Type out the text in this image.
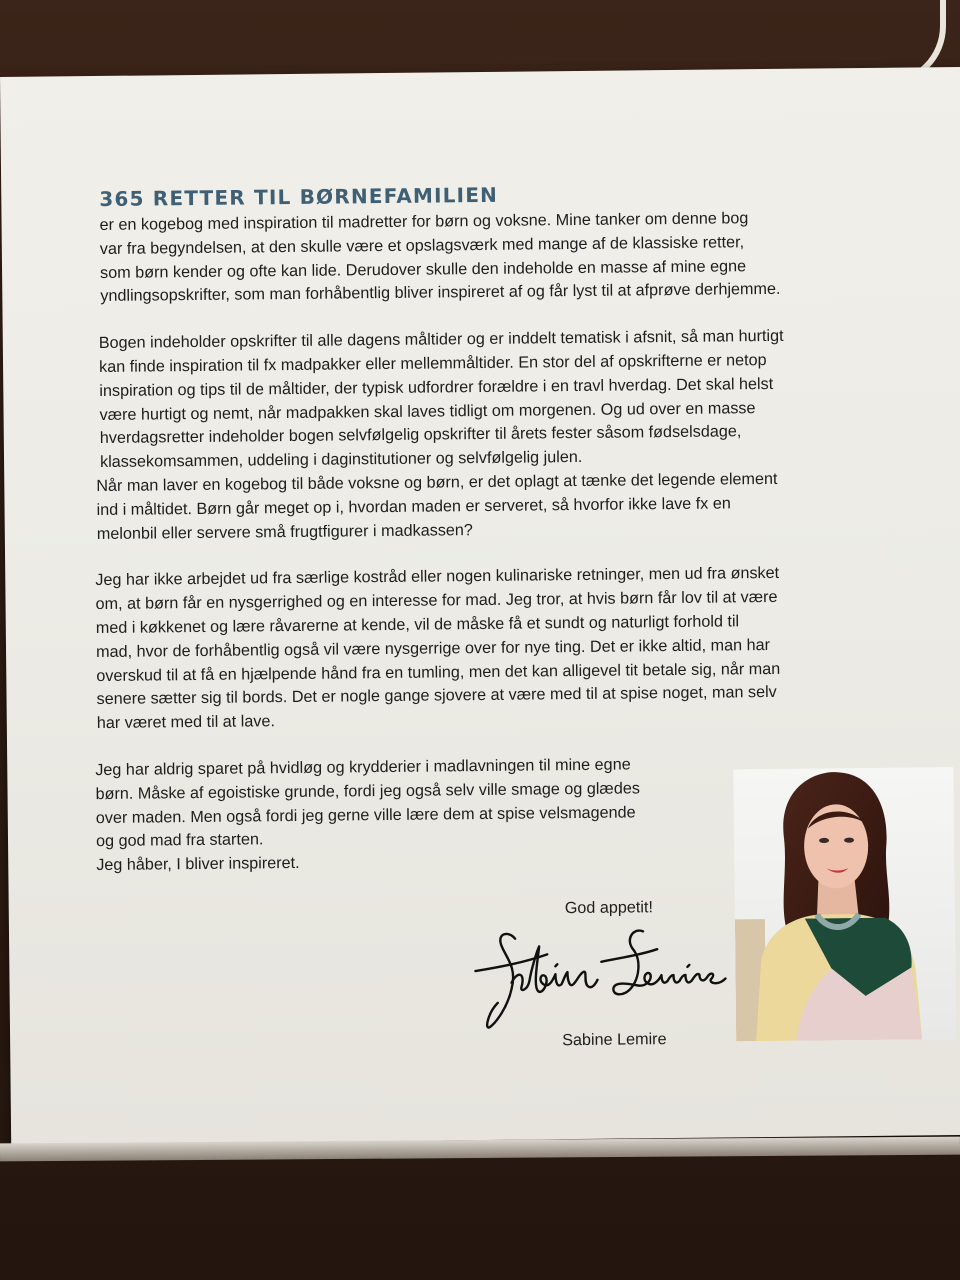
365 RETTER TIL BØRNEFAMILIEN

er en kogebog med inspiration til madretter for børn og voksne. Mine tanker om denne bog
var fra begyndelsen, at den skulle være et opslagsværk med mange af de klassiske retter,
som børn kender og ofte kan lide. Derudover skulle den indeholde en masse af mine egne
yndlingsopskrifter, som man forhåbentlig bliver inspireret af og får lyst til at afprøve derhjemme.

Bogen indeholder opskrifter til alle dagens måltider og er inddelt tematisk i afsnit, så man hurtigt
kan finde inspiration til fx madpakker eller mellemmåltider. En stor del af opskrifterne er netop
inspiration og tips til de måltider, der typisk udfordrer forældre i en travl hverdag. Det skal helst
være hurtigt og nemt, når madpakken skal laves tidligt om morgenen. Og ud over en masse
hverdagsretter indeholder bogen selvfølgelig opskrifter til årets fester såsom fødselsdage,
klassekomsammen, uddeling i daginstitutioner og selvfølgelig julen.

Når man laver en kogebog til både voksne og børn, er det oplagt at tænke det legende element
ind i måltidet. Børn går meget op i, hvordan maden er serveret, så hvorfor ikke lave fx en
melonbil eller servere små frugtfigurer i madkassen?

Jeg har ikke arbejdet ud fra særlige kostråd eller nogen kulinariske retninger, men ud fra ønsket
om, at børn får en nysgerrighed og en interesse for mad. Jeg tror, at hvis børn får lov til at være
med i køkkenet og lære råvarerne at kende, vil de måske få et sundt og naturligt forhold til
mad, hvor de forhåbentlig også vil være nysgerrige over for nye ting. Det er ikke altid, man har
overskud til at få en hjælpende hånd fra en tumling, men det kan alligevel tit betale sig, når man
senere sætter sig til bords. Det er nogle gange sjovere at være med til at spise noget, man selv
har været med til at lave.

Jeg har aldrig sparet på hvidløg og krydderier i madlavningen til mine egne
børn. Måske af egoistiske grunde, fordi jeg også selv ville smage og glædes
over maden. Men også fordi jeg gerne ville lære dem at spise velsmagende
og god mad fra starten.
Jeg håber, I bliver inspireret.

God appetit!
Sabine Lemire
